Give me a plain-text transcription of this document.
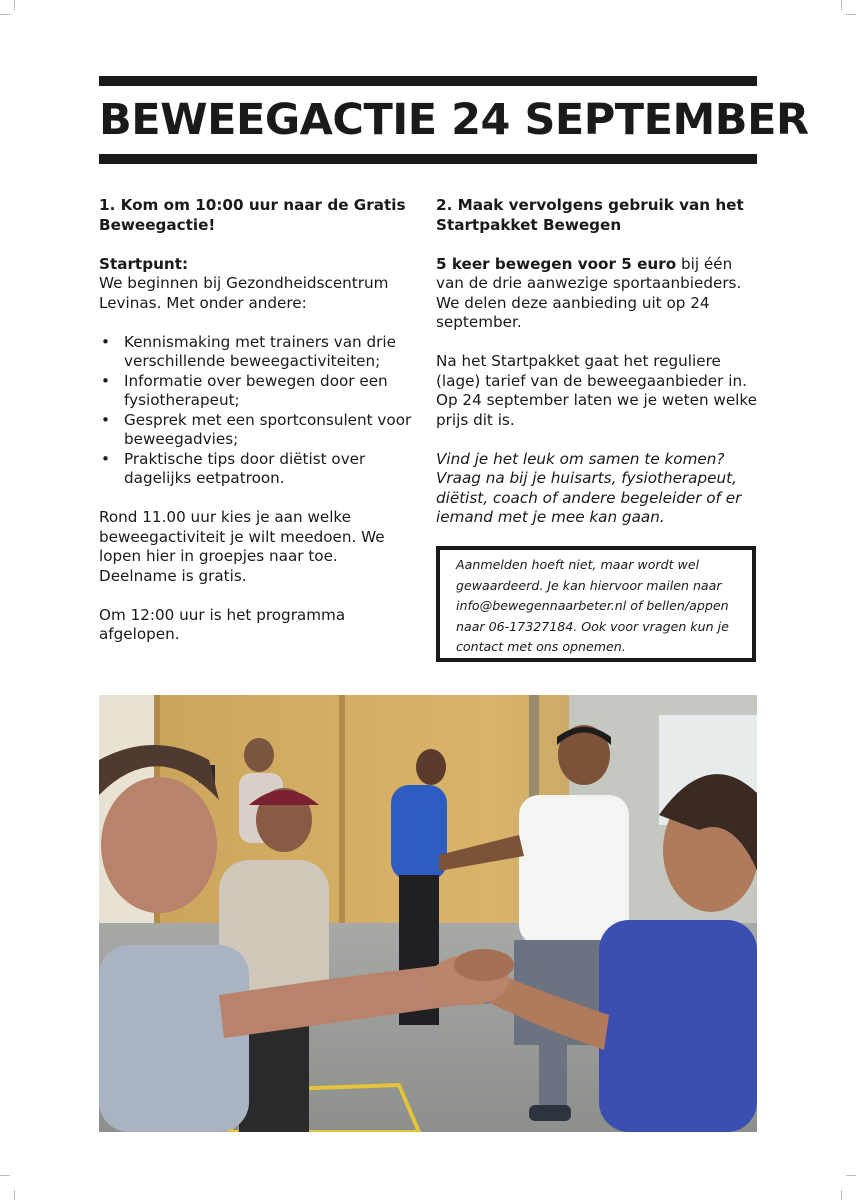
BEWEEGACTIE 24 SEPTEMBER

1. Kom om 10:00 uur naar de Gratis Beweegactie!

Startpunt:

We beginnen bij Gezondheidscentrum Levinas. Met onder andere:

• Kennismaking met trainers van drie verschillende beweegactiviteiten;
• Informatie over bewegen door een fysiotherapeut;
• Gesprek met een sportconsulent voor beweegadvies;
• Praktische tips door diëtist over dagelijks eetpatroon.

Rond 11.00 uur kies je aan welke beweegactiviteit je wilt meedoen. We lopen hier in groepjes naar toe. Deelname is gratis.

Om 12:00 uur is het programma afgelopen.

2. Maak vervolgens gebruik van het Startpakket Bewegen

5 keer bewegen voor 5 euro bij één van de drie aanwezige sportaanbieders. We delen deze aanbieding uit op 24 september.

Na het Startpakket gaat het reguliere (lage) tarief van de beweegaanbieder in. Op 24 september laten we je weten welke prijs dit is.

Vind je het leuk om samen te komen? Vraag na bij je huisarts, fysiotherapeut, diëtist, coach of andere begeleider of er iemand met je mee kan gaan.

Aanmelden hoeft niet, maar wordt wel gewaardeerd. Je kan hiervoor mailen naar info@bewegennaarbeter.nl of bellen/appen naar 06-17327184. Ook voor vragen kun je contact met ons opnemen.
